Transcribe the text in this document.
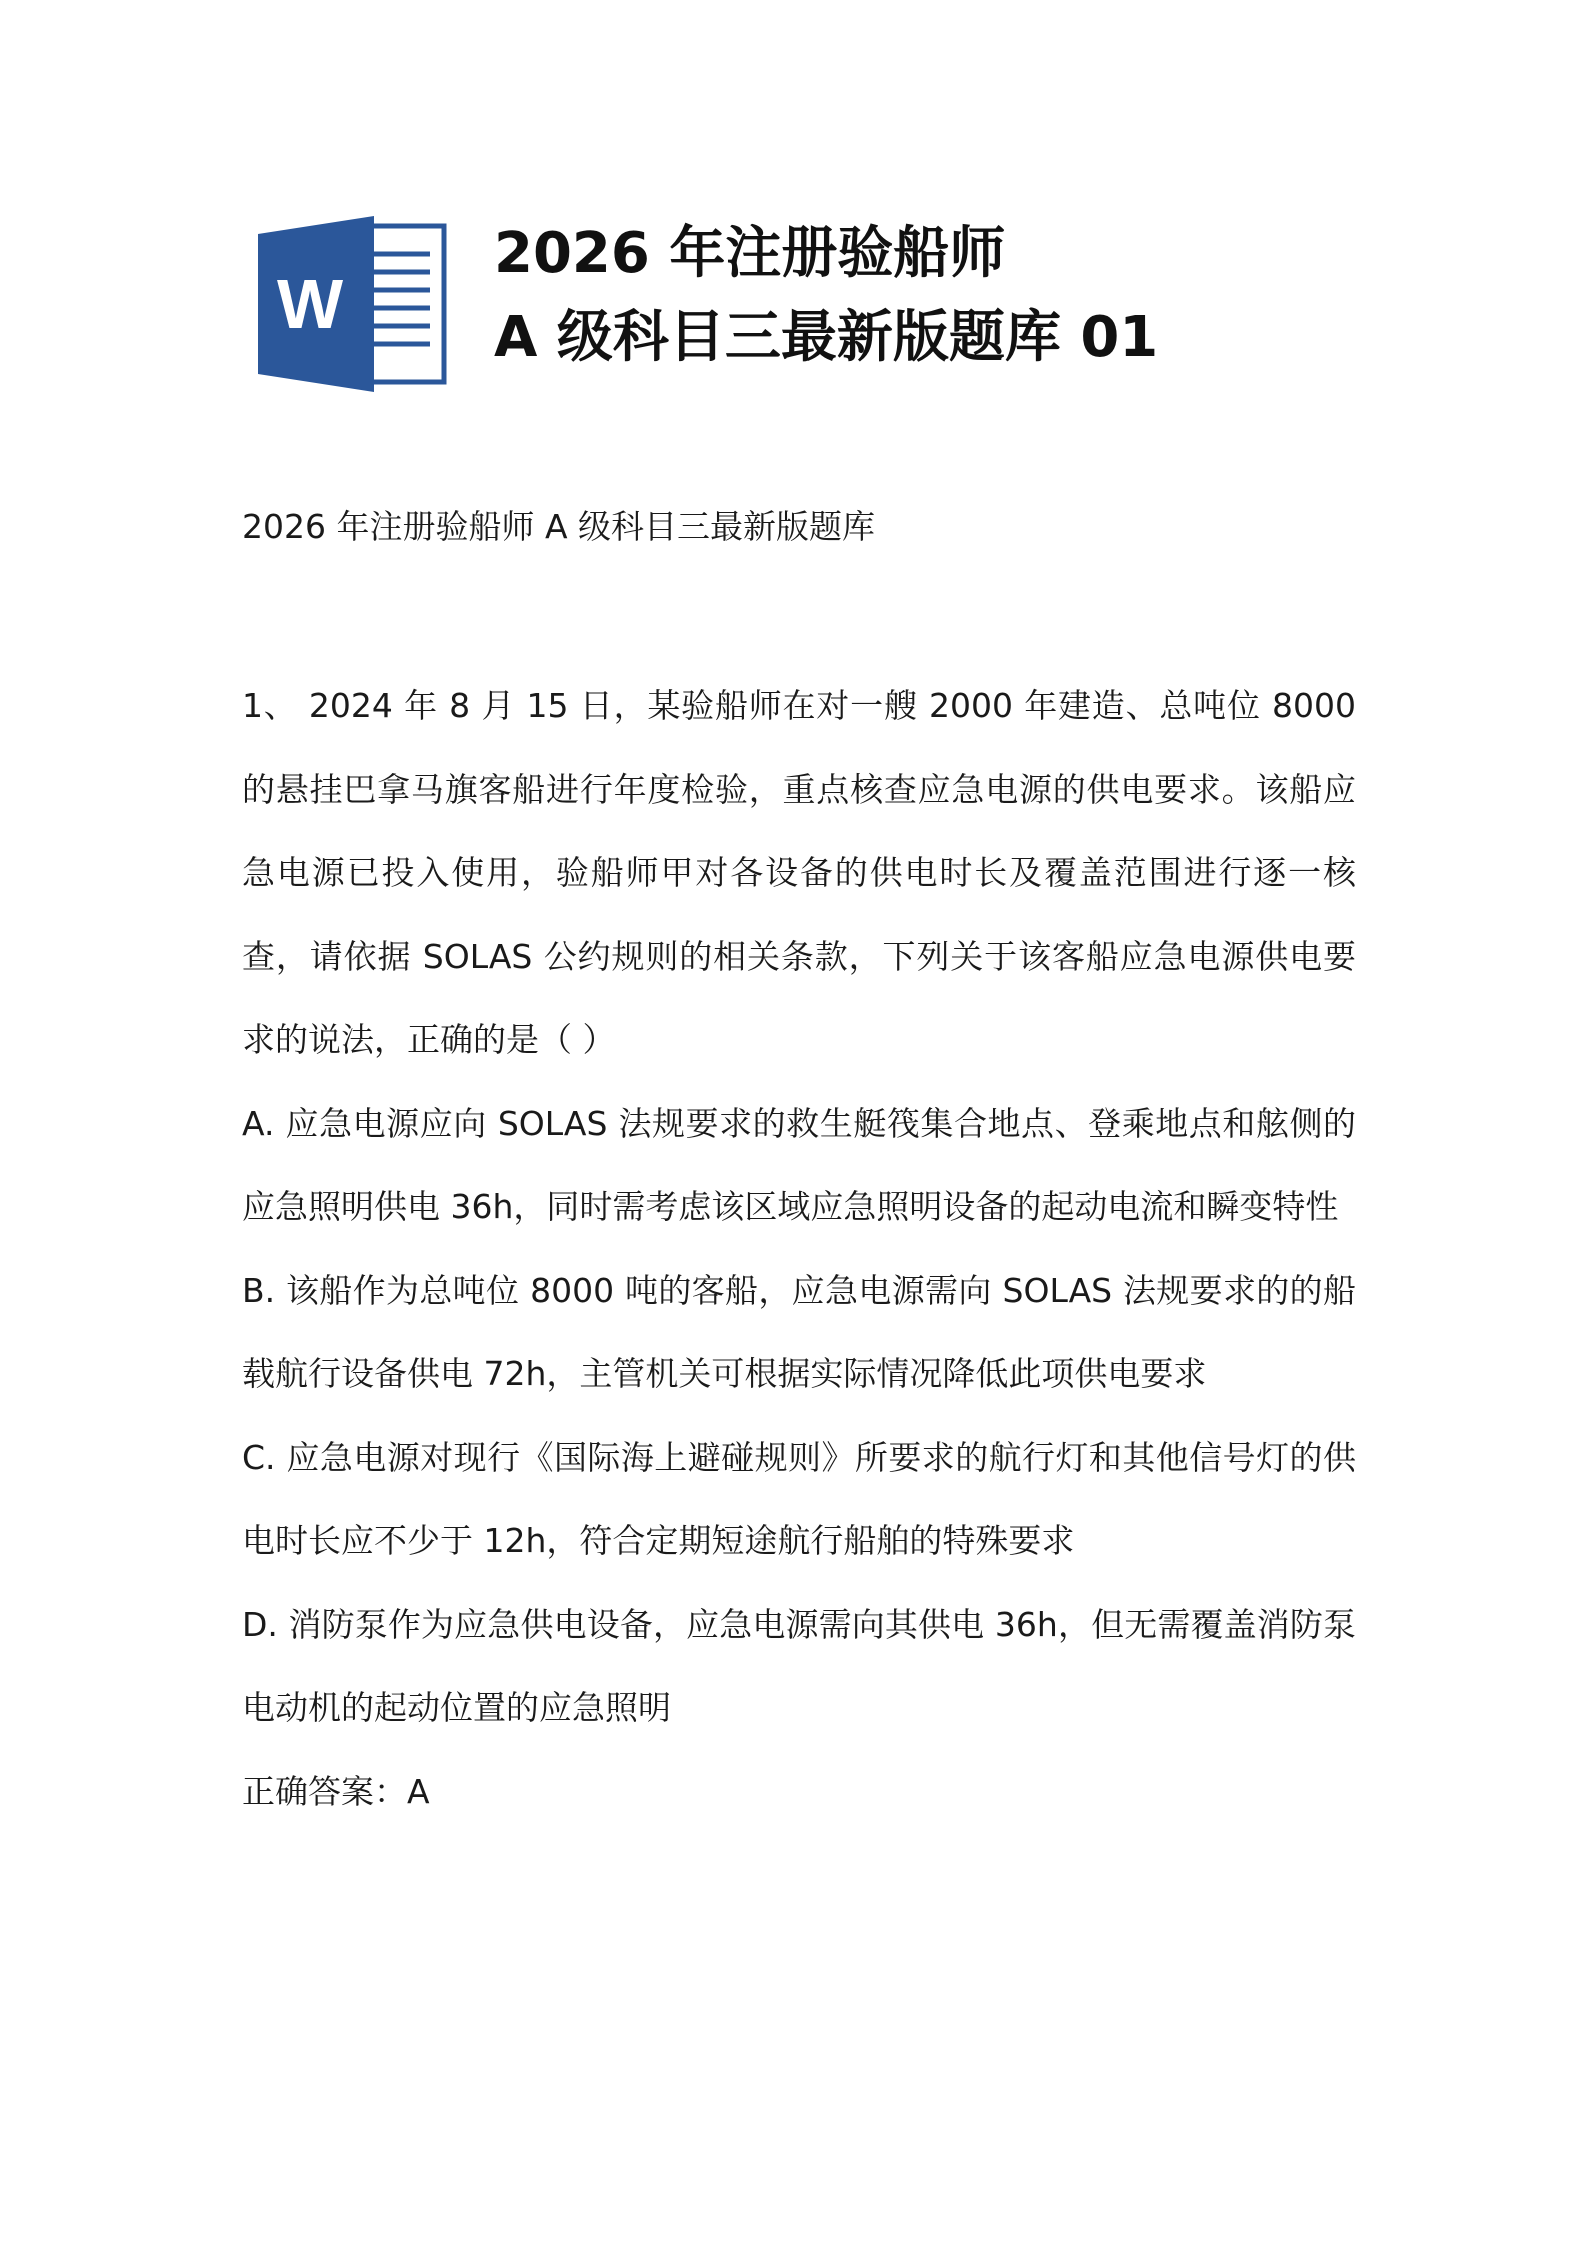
W
2026 年注册验船师
A 级科目三最新版题库 01
2026 年注册验船师 A 级科目三最新版题库

1、 2024 年 8 月 15 日，某验船师在对一艘 2000 年建造、总吨位 8000 的悬挂巴拿马旗客船进行年度检验，重点核查应急电源的供电要求。该船应急电源已投入使用，验船师甲对各设备的供电时长及覆盖范围进行逐一核查，请依据 SOLAS 公约规则的相关条款，下列关于该客船应急电源供电要求的说法，正确的是（ ）

A. 应急电源应向 SOLAS 法规要求的救生艇筏集合地点、登乘地点和舷侧的应急照明供电 36h，同时需考虑该区域应急照明设备的起动电流和瞬变特性

B. 该船作为总吨位 8000 吨的客船，应急电源需向 SOLAS 法规要求的的船载航行设备供电 72h，主管机关可根据实际情况降低此项供电要求

C. 应急电源对现行《国际海上避碰规则》所要求的航行灯和其他信号灯的供电时长应不少于 12h，符合定期短途航行船舶的特殊要求

D. 消防泵作为应急供电设备，应急电源需向其供电 36h，但无需覆盖消防泵电动机的起动位置的应急照明

正确答案：A
